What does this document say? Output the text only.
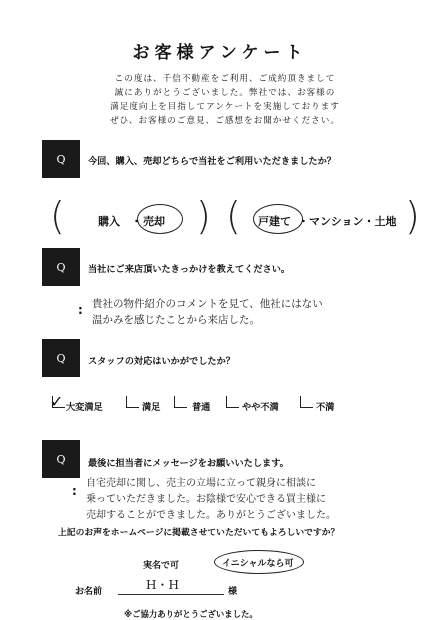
お客様アンケート
この度は、千信不動産をご利用、ご成約頂きまして
誠にありがとうございました。弊社では、お客様の
満足度向上を目指してアンケートを実施しております
ぜひ、お客様のご意見、ご感想をお聞かせください。
Q	今回、購入、売却どちらで当社をご利用いただきましたか？
(	購入 ・ 売却 ) ( 戸建て ・マンション・土地 )
Q	当社にご来店頂いたきっかけを教えてください。
: 貴社の物件紹介のコメントを見て、他社にはない
温かみを感じたことから来店した。
Q	スタッフの対応はいかがでしたか？
✓ 大変満足	満足	普通	やや不満	不満
Q	最後に担当者にメッセージをお願いいたします。
:
自宅売却に関し、売主の立場に立って親身に相談に
乗っていただきました。お陰様で安心できる買主様に
売却することができました。ありがとうございました。
上記のお声をホームページに掲載させていただいてもよろしいですか？
実名で可	イニシャルなら可
お名前	H・H	様
※ご協力ありがとうございました。
